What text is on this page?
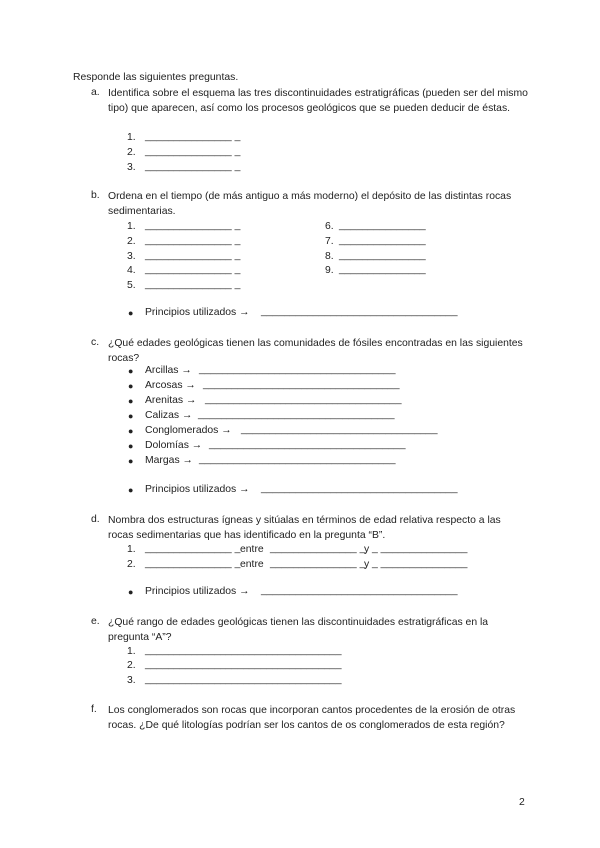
Responde las siguientes preguntas.
a. Identifica sobre el esquema las tres discontinuidades estratigráficas (pueden ser del mismo tipo) que aparecen, así como los procesos geológicos que se pueden deducir de éstas.
1. _______________ _
2. _______________ _
3. _______________ _
b. Ordena en el tiempo (de más antiguo a más moderno) el depósito de las distintas rocas sedimentarias.
1. _______________ _
2. _______________ _
3. _______________ _
4. _______________ _
5. _______________ _
6. _______________
7. _______________
8. _______________
9. _______________
● Principios utilizados → __________________________________
c. ¿Qué edades geológicas tienen las comunidades de fósiles encontradas en las siguientes rocas?
● Arcillas → __________________________________
● Arcosas → __________________________________
● Arenitas → __________________________________
● Calizas → __________________________________
● Conglomerados → __________________________________
● Dolomías → __________________________________
● Margas → __________________________________
● Principios utilizados → __________________________________
d. Nombra dos estructuras ígneas y sitúalas en términos de edad relativa respecto a las rocas sedimentarias que has identificado en la pregunta “B”.
1. _______________ _ entre _______________ _
y _ _______________
2. _______________ _ entre _______________ _
y _ _______________
● Principios utilizados → __________________________________
e. ¿Qué rango de edades geológicas tienen las discontinuidades estratigráficas en la pregunta “A”?
1. __________________________________
2. __________________________________
3. __________________________________
f. Los conglomerados son rocas que incorporan cantos procedentes de la erosión de otras rocas. ¿De qué litologías podrían ser los cantos de os conglomerados de esta región?
2
